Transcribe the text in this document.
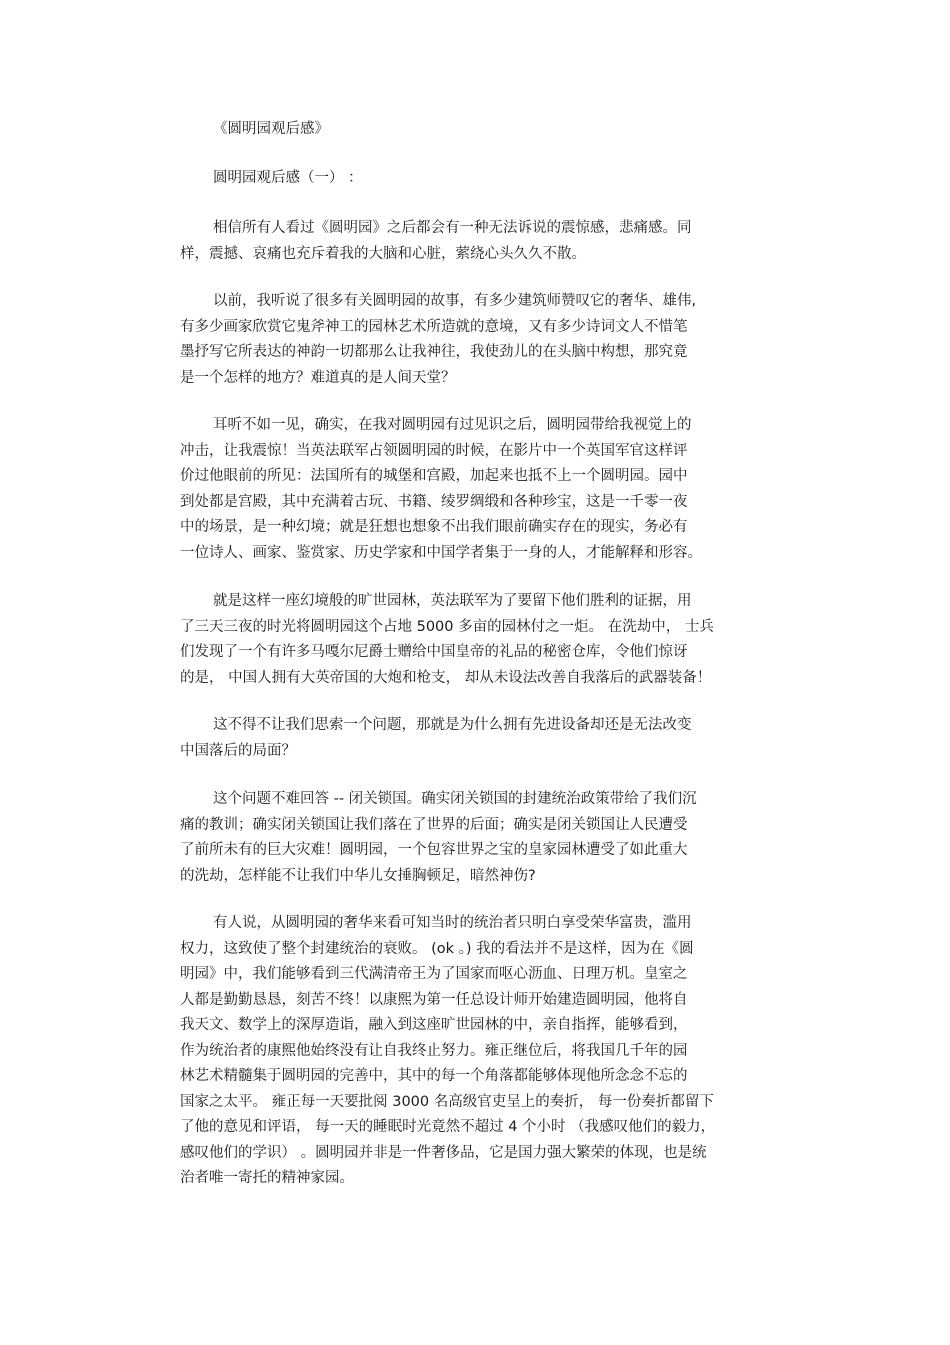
《圆明园观后感》
圆明园观后感（一） ：
相信所有人看过《圆明园》之后都会有一种无法诉说的震惊感，悲痛感。同
样，震撼、哀痛也充斥着我的大脑和心脏，萦绕心头久久不散。
以前，我听说了很多有关圆明园的故事，有多少建筑师赞叹它的奢华、雄伟,
有多少画家欣赏它鬼斧神工的园林艺术所造就的意境，又有多少诗词文人不惜笔
墨抒写它所表达的神韵一切都那么让我神往，我使劲儿的在头脑中构想，那究竟
是一个怎样的地方？难道真的是人间天堂？
耳听不如一见，确实，在我对圆明园有过见识之后，圆明园带给我视觉上的
冲击，让我震惊！当英法联军占领圆明园的时候，在影片中一个英国军官这样评
价过他眼前的所见：法国所有的城堡和宫殿，加起来也抵不上一个圆明园。园中
到处都是宫殿，其中充满着古玩、书籍、绫罗绸缎和各种珍宝，这是一千零一夜
中的场景，是一种幻境；就是狂想也想象不出我们眼前确实存在的现实，务必有
一位诗人、画家、鉴赏家、历史学家和中国学者集于一身的人，才能解释和形容。
就是这样一座幻境般的旷世园林，英法联军为了要留下他们胜利的证据，用
了三天三夜的时光将圆明园这个占地 5000 多亩的园林付之一炬。 在洗劫中， 士兵
们发现了一个有许多马嘎尔尼爵士赠给中国皇帝的礼品的秘密仓库，令他们惊讶
的是， 中国人拥有大英帝国的大炮和枪支， 却从未设法改善自我落后的武器装备！
这不得不让我们思索一个问题，那就是为什么拥有先进设备却还是无法改变
中国落后的局面？
这个问题不难回答 -- 闭关锁国。确实闭关锁国的封建统治政策带给了我们沉
痛的教训；确实闭关锁国让我们落在了世界的后面；确实是闭关锁国让人民遭受
了前所未有的巨大灾难！圆明园，一个包容世界之宝的皇家园林遭受了如此重大
的洗劫，怎样能不让我们中华儿女捶胸顿足，暗然神伤?
有人说，从圆明园的奢华来看可知当时的统治者只明白享受荣华富贵，滥用
权力，这致使了整个封建统治的衰败。 (ok 。) 我的看法并不是这样，因为在《圆
明园》中，我们能够看到三代满清帝王为了国家而呕心沥血、日理万机。皇室之
人都是勤勤恳恳，刻苦不终！以康熙为第一任总设计师开始建造圆明园，他将自
我天文、数学上的深厚造诣，融入到这座旷世园林的中，亲自指挥，能够看到，
作为统治者的康熙他始终没有让自我终止努力。雍正继位后，将我国几千年的园
林艺术精髓集于圆明园的完善中，其中的每一个角落都能够体现他所念念不忘的
国家之太平。 雍正每一天要批阅 3000 名高级官吏呈上的奏折， 每一份奏折都留下
了他的意见和评语， 每一天的睡眠时光竟然不超过 4 个小时 （我感叹他们的毅力，
感叹他们的学识） 。圆明园并非是一件奢侈品，它是国力强大繁荣的体现，也是统
治者唯一寄托的精神家园。
